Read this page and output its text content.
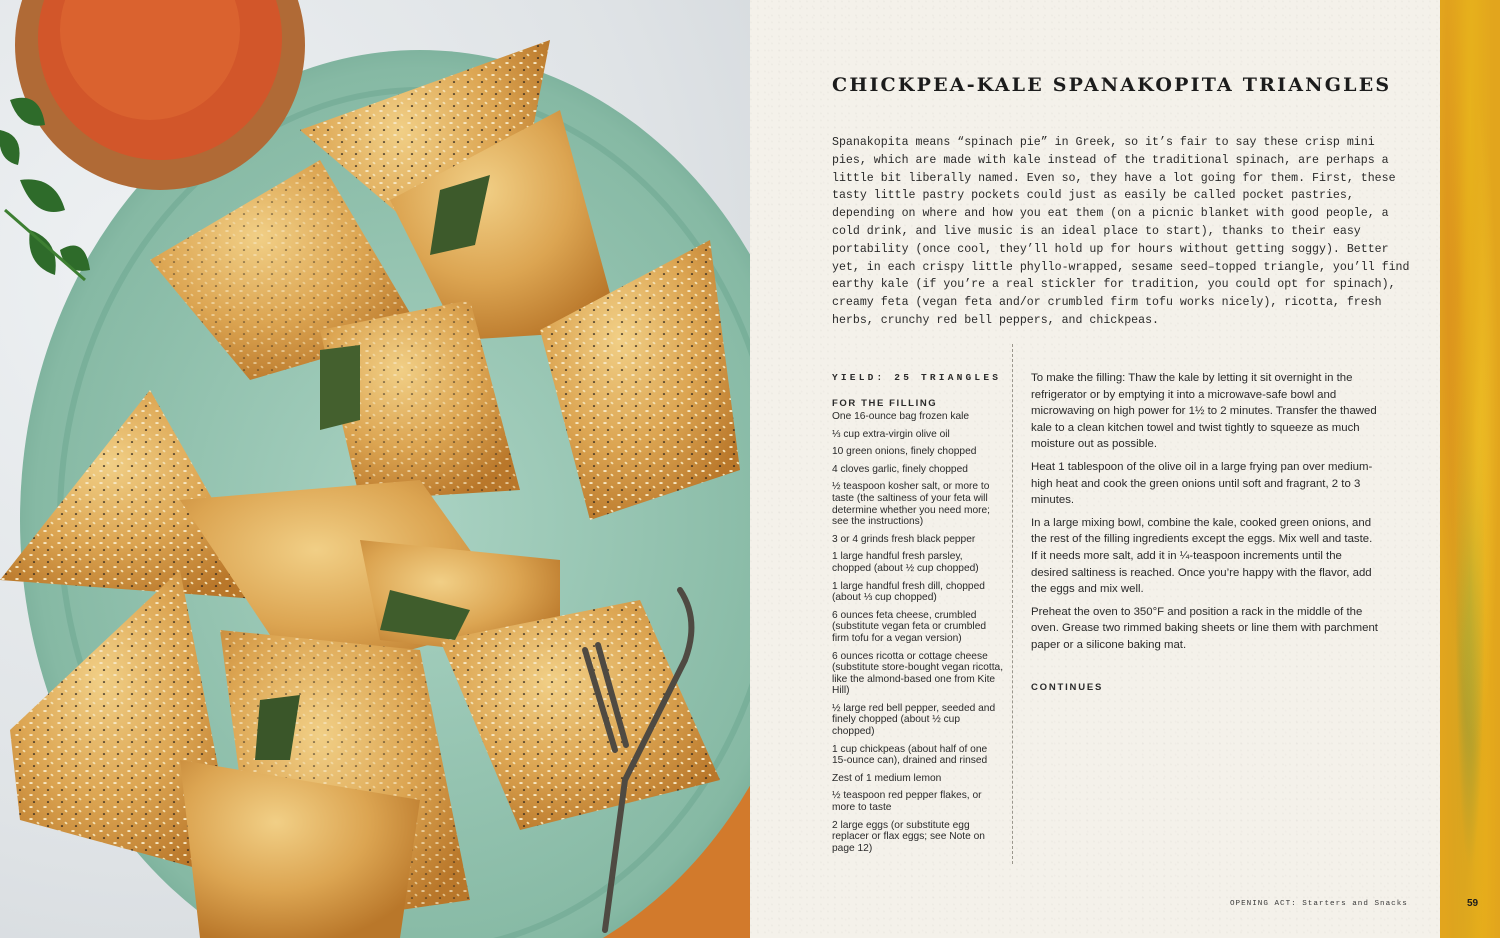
CHICKPEA-KALE SPANAKOPITA TRIANGLES

Spanakopita means “spinach pie” in Greek, so it’s fair to say these crisp mini pies, which are made with kale instead of the traditional spinach, are perhaps a little bit liberally named. Even so, they have a lot going for them. First, these tasty little pastry pockets could just as easily be called pocket pastries, depending on where and how you eat them (on a picnic blanket with good people, a cold drink, and live music is an ideal place to start), thanks to their easy portability (once cool, they’ll hold up for hours without getting soggy). Better yet, in each crispy little phyllo-wrapped, sesame seed–topped triangle, you’ll find earthy kale (if you’re a real stickler for tradition, you could opt for spinach), creamy feta (vegan feta and/or crumbled firm tofu works nicely), ricotta, fresh herbs, crunchy red bell peppers, and chickpeas.

YIELD: 25 TRIANGLES
FOR THE FILLING
One 16-ounce bag frozen kale
⅓ cup extra-virgin olive oil
10 green onions, finely chopped
4 cloves garlic, finely chopped
½ teaspoon kosher salt, or more to taste (the saltiness of your feta will determine whether you need more; see the instructions)
3 or 4 grinds fresh black pepper
1 large handful fresh parsley, chopped (about ½ cup chopped)
1 large handful fresh dill, chopped (about ⅓ cup chopped)
6 ounces feta cheese, crumbled (substitute vegan feta or crumbled firm tofu for a vegan version)
6 ounces ricotta or cottage cheese (substitute store-bought vegan ricotta, like the almond-based one from Kite Hill)
½ large red bell pepper, seeded and finely chopped (about ½ cup chopped)
1 cup chickpeas (about half of one 15-ounce can), drained and rinsed
Zest of 1 medium lemon
½ teaspoon red pepper flakes, or more to taste
2 large eggs (or substitute egg replacer or flax eggs; see Note on page 12)

To make the filling: Thaw the kale by letting it sit overnight in the refrigerator or by emptying it into a microwave-safe bowl and microwaving on high power for 1½ to 2 minutes. Transfer the thawed kale to a clean kitchen towel and twist tightly to squeeze as much moisture out as possible.

Heat 1 tablespoon of the olive oil in a large frying pan over medium-high heat and cook the green onions until soft and fragrant, 2 to 3 minutes.

In a large mixing bowl, combine the kale, cooked green onions, and the rest of the filling ingredients except the eggs. Mix well and taste. If it needs more salt, add it in ¼-teaspoon increments until the desired saltiness is reached. Once you’re happy with the flavor, add the eggs and mix well.

Preheat the oven to 350°F and position a rack in the middle of the oven. Grease two rimmed baking sheets or line them with parchment paper or a silicone baking mat.

CONTINUES
OPENING ACT: Starters and Snacks	59
